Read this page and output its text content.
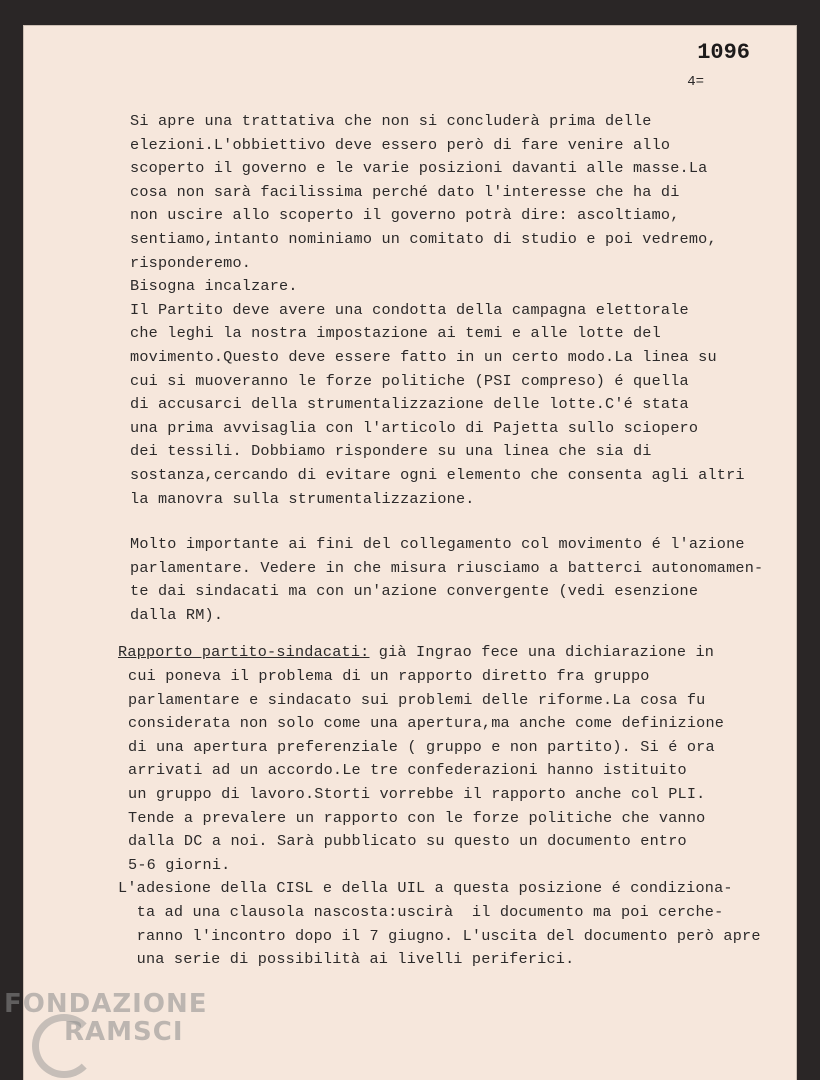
1096
4=
Si apre una trattativa che non si concluderà prima delle
elezioni.L'obbiettivo deve essero però di fare venire allo
scoperto il governo e le varie posizioni davanti alle masse.La
cosa non sarà facilissima perché dato l'interesse che ha di
non uscire allo scoperto il governo potrà dire: ascoltiamo,
sentiamo,intanto nominiamo un comitato di studio e poi vedremo,
risponderemo.
Bisogna incalzare.
Il Partito deve avere una condotta della campagna elettorale
che leghi la nostra impostazione ai temi e alle lotte del
movimento.Questo deve essere fatto in un certo modo.La linea su
cui si muoveranno le forze politiche (PSI compreso) é quella
di accusarci della strumentalizzazione delle lotte.C'é stata
una prima avvisaglia con l'articolo di Pajetta sullo sciopero
dei tessili. Dobbiamo rispondere su una linea che sia di
sostanza,cercando di evitare ogni elemento che consenta agli altri
la manovra sulla strumentalizzazione.
Molto importante ai fini del collegamento col movimento é l'azione
parlamentare. Vedere in che misura riusciamo a batterci autonomamen-
te dai sindacati ma con un'azione convergente (vedi esenzione
dalla RM).
Rapporto partito-sindacati: già Ingrao fece una dichiarazione in
cui poneva il problema di un rapporto diretto fra gruppo
parlamentare e sindacato sui problemi delle riforme.La cosa fu
considerata non solo come una apertura,ma anche come definizione
di una apertura preferenziale ( gruppo e non partito). Si é ora
arrivati ad un accordo.Le tre confederazioni hanno istituito
un gruppo di lavoro.Storti vorrebbe il rapporto anche col PLI.
Tende a prevalere un rapporto con le forze politiche che vanno
dalla DC a noi. Sarà pubblicato su questo un documento entro
5-6 giorni.
L'adesione della CISL e della UIL a questa posizione é condiziona-
ta ad una clausola nascosta:uscirà  il documento ma poi cerche-
ranno l'incontro dopo il 7 giugno. L'uscita del documento però apre
una serie di possibilità ai livelli periferici.
FONDAZIONE
RAMSCI
